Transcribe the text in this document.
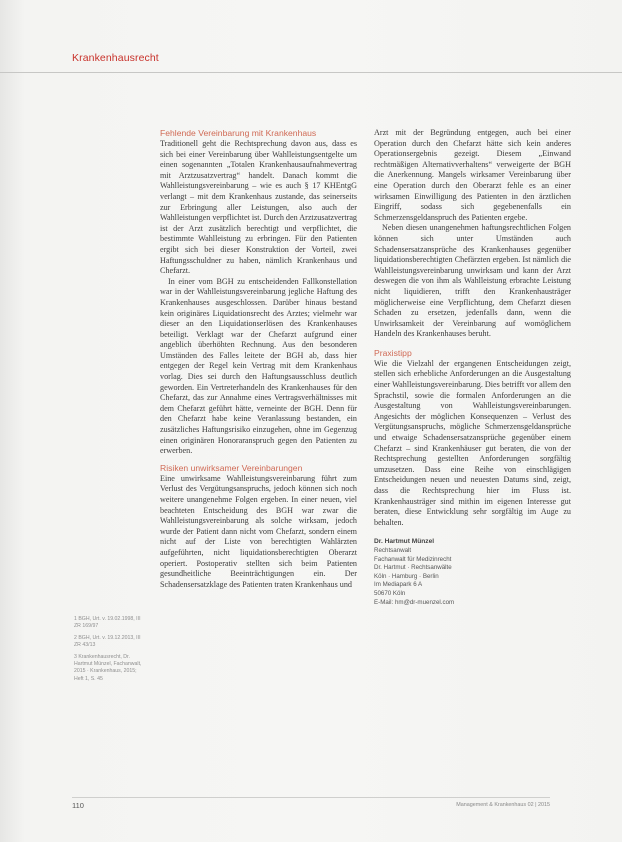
Krankenhausrecht
Fehlende Vereinbarung mit Krankenhaus

Traditionell geht die Rechtsprechung davon aus, dass es sich bei einer Vereinbarung über Wahlleistungsentgelte um einen sogenannten „Totalen Krankenhausaufnahmevertrag mit Arztzusatzvertrag“ handelt. Danach kommt die Wahlleistungsvereinbarung – wie es auch § 17 KHEntgG verlangt – mit dem Krankenhaus zustande, das seinerseits zur Erbringung aller Leistungen, also auch der Wahlleistungen verpflichtet ist. Durch den Arztzusatzvertrag ist der Arzt zusätzlich berechtigt und verpflichtet, die bestimmte Wahlleistung zu erbringen. Für den Patienten ergibt sich bei dieser Konstruktion der Vorteil, zwei Haftungsschuldner zu haben, nämlich Krankenhaus und Chefarzt.

In einer vom BGH zu entscheidenden Fallkonstellation war in der Wahlleistungsvereinbarung jegliche Haftung des Krankenhauses ausgeschlossen. Darüber hinaus bestand kein originäres Liquidationsrecht des Arztes; vielmehr war dieser an den Liquidationserlösen des Krankenhauses beteiligt. Verklagt war der Chefarzt aufgrund einer angeblich überhöhten Rechnung. Aus den besonderen Umständen des Falles leitete der BGH ab, dass hier entgegen der Regel kein Vertrag mit dem Krankenhaus vorlag. Dies sei durch den Haftungsausschluss deutlich geworden. Ein Vertreterhandeln des Krankenhauses für den Chefarzt, das zur Annahme eines Vertragsverhältnisses mit dem Chefarzt geführt hätte, verneinte der BGH. Denn für den Chefarzt habe keine Veranlassung bestanden, ein zusätzliches Haftungsrisiko einzugehen, ohne im Gegenzug einen originären Honoraranspruch gegen den Patienten zu erwerben.

Risiken unwirksamer Vereinbarungen

Eine unwirksame Wahlleistungsvereinbarung führt zum Verlust des Vergütungsanspruchs, jedoch können sich noch weitere unangenehme Folgen ergeben. In einer neuen, viel beachteten Entscheidung des BGH war zwar die Wahlleistungsvereinbarung als solche wirksam, jedoch wurde der Patient dann nicht vom Chefarzt, sondern einem nicht auf der Liste von berechtigten Wahlärzten aufgeführten, nicht liquidationsberechtigten Oberarzt operiert. Postoperativ stellten sich beim Patienten gesundheitliche Beeinträchtigungen ein. Der Schadensersatzklage des Patienten traten Krankenhaus und

Arzt mit der Begründung entgegen, auch bei einer Operation durch den Chefarzt hätte sich kein anderes Operationsergebnis gezeigt. Diesem „Einwand rechtmäßigen Alternativverhaltens“ verweigerte der BGH die Anerkennung. Mangels wirksamer Vereinbarung über eine Operation durch den Oberarzt fehle es an einer wirksamen Einwilligung des Patienten in den ärztlichen Eingriff, sodass sich gegebenenfalls ein Schmerzensgeldanspruch des Patienten ergebe.

Neben diesen unangenehmen haftungsrechtlichen Folgen können sich unter Umständen auch Schadensersatzansprüche des Krankenhauses gegenüber liquidationsberechtigten Chefärzten ergeben. Ist nämlich die Wahlleistungsvereinbarung unwirksam und kann der Arzt deswegen die von ihm als Wahlleistung erbrachte Leistung nicht liquidieren, trifft den Krankenhausträger möglicherweise eine Verpflichtung, dem Chefarzt diesen Schaden zu ersetzen, jedenfalls dann, wenn die Unwirksamkeit der Vereinbarung auf womöglichem Handeln des Krankenhauses beruht.

Praxistipp

Wie die Vielzahl der ergangenen Entscheidungen zeigt, stellen sich erhebliche Anforderungen an die Ausgestaltung einer Wahlleistungsvereinbarung. Dies betrifft vor allem den Sprachstil, sowie die formalen Anforderungen an die Ausgestaltung von Wahlleistungsvereinbarungen. Angesichts der möglichen Konsequenzen – Verlust des Vergütungsanspruchs, mögliche Schmerzensgeldansprüche und etwaige Schadensersatzansprüche gegenüber einem Chefarzt – sind Krankenhäuser gut beraten, die von der Rechtsprechung gestellten Anforderungen sorgfältig umzusetzen. Dass eine Reihe von einschlägigen Entscheidungen neuen und neuesten Datums sind, zeigt, dass die Rechtsprechung hier im Fluss ist. Krankenhausträger sind mithin im eigenen Interesse gut beraten, diese Entwicklung sehr sorgfältig im Auge zu behalten.

Dr. Hartmut Münzel
Rechtsanwalt
Fachanwalt für Medizinrecht
Dr. Hartmut · Rechtsanwälte
Köln · Hamburg · Berlin
Im Mediapark 6 A
50670 Köln
E-Mail: hm@dr-muenzel.com
1 BGH, Urt. v. 19.02.1998, III ZR 169/97
2 BGH, Urt. v. 19.12.2013, III ZR 43/13
3 Krankenhausrecht, Dr. Hartmut Münzel, Fachanwalt, 2015 · Krankenhaus, 2015; Heft 1, S. 45
110	Management & Krankenhaus 02 | 2015
